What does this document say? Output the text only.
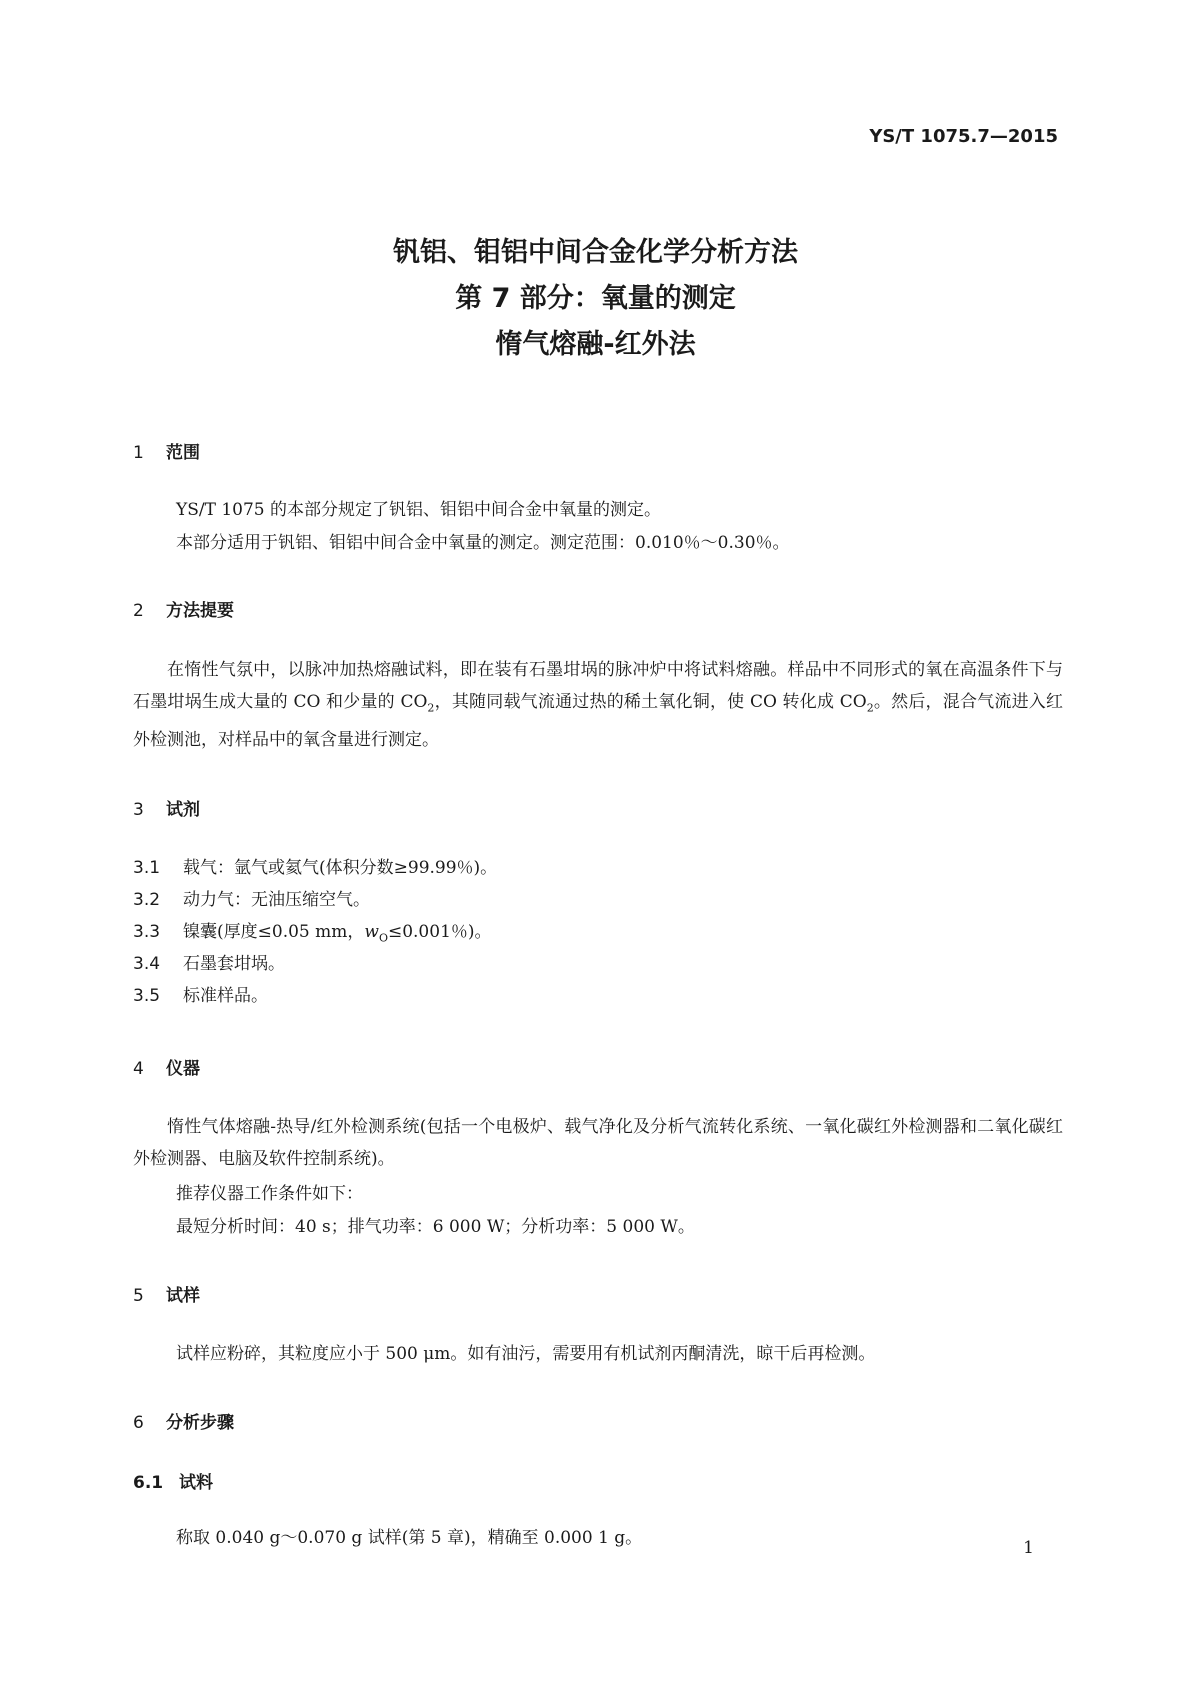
YS/T 1075.7—2015
钒铝、钼铝中间合金化学分析方法
第 7 部分：氧量的测定
惰气熔融-红外法
1 范围
YS/T 1075 的本部分规定了钒铝、钼铝中间合金中氧量的测定。
本部分适用于钒铝、钼铝中间合金中氧量的测定。测定范围：0.010％～0.30％。
2 方法提要
在惰性气氛中，以脉冲加热熔融试料，即在装有石墨坩埚的脉冲炉中将试料熔融。样品中不同形式的氧在高温条件下与石墨坩埚生成大量的 CO 和少量的 $CO_2$，其随同载气流通过热的稀土氧化铜，使 CO 转化成 $CO_2$。然后，混合气流进入红外检测池，对样品中的氧含量进行测定。
3 试剂
3.1 载气：氩气或氦气(体积分数≥99.99％)。
3.2 动力气：无油压缩空气。
3.3 镍囊(厚度≤0.05 mm，$w_O\le 0.001$％)。
3.4 石墨套坩埚。
3.5 标准样品。
4 仪器
惰性气体熔融-热导/红外检测系统(包括一个电极炉、载气净化及分析气流转化系统、一氧化碳红外检测器和二氧化碳红外检测器、电脑及软件控制系统)。
推荐仪器工作条件如下：
最短分析时间：40 s；排气功率：6 000 W；分析功率：5 000 W。
5 试样
试样应粉碎，其粒度应小于 500 μm。如有油污，需要用有机试剂丙酮清洗，晾干后再检测。
6 分析步骤
6.1 试料
称取 0.040 g～0.070 g 试样(第 5 章)，精确至 0.000 1 g。	1
